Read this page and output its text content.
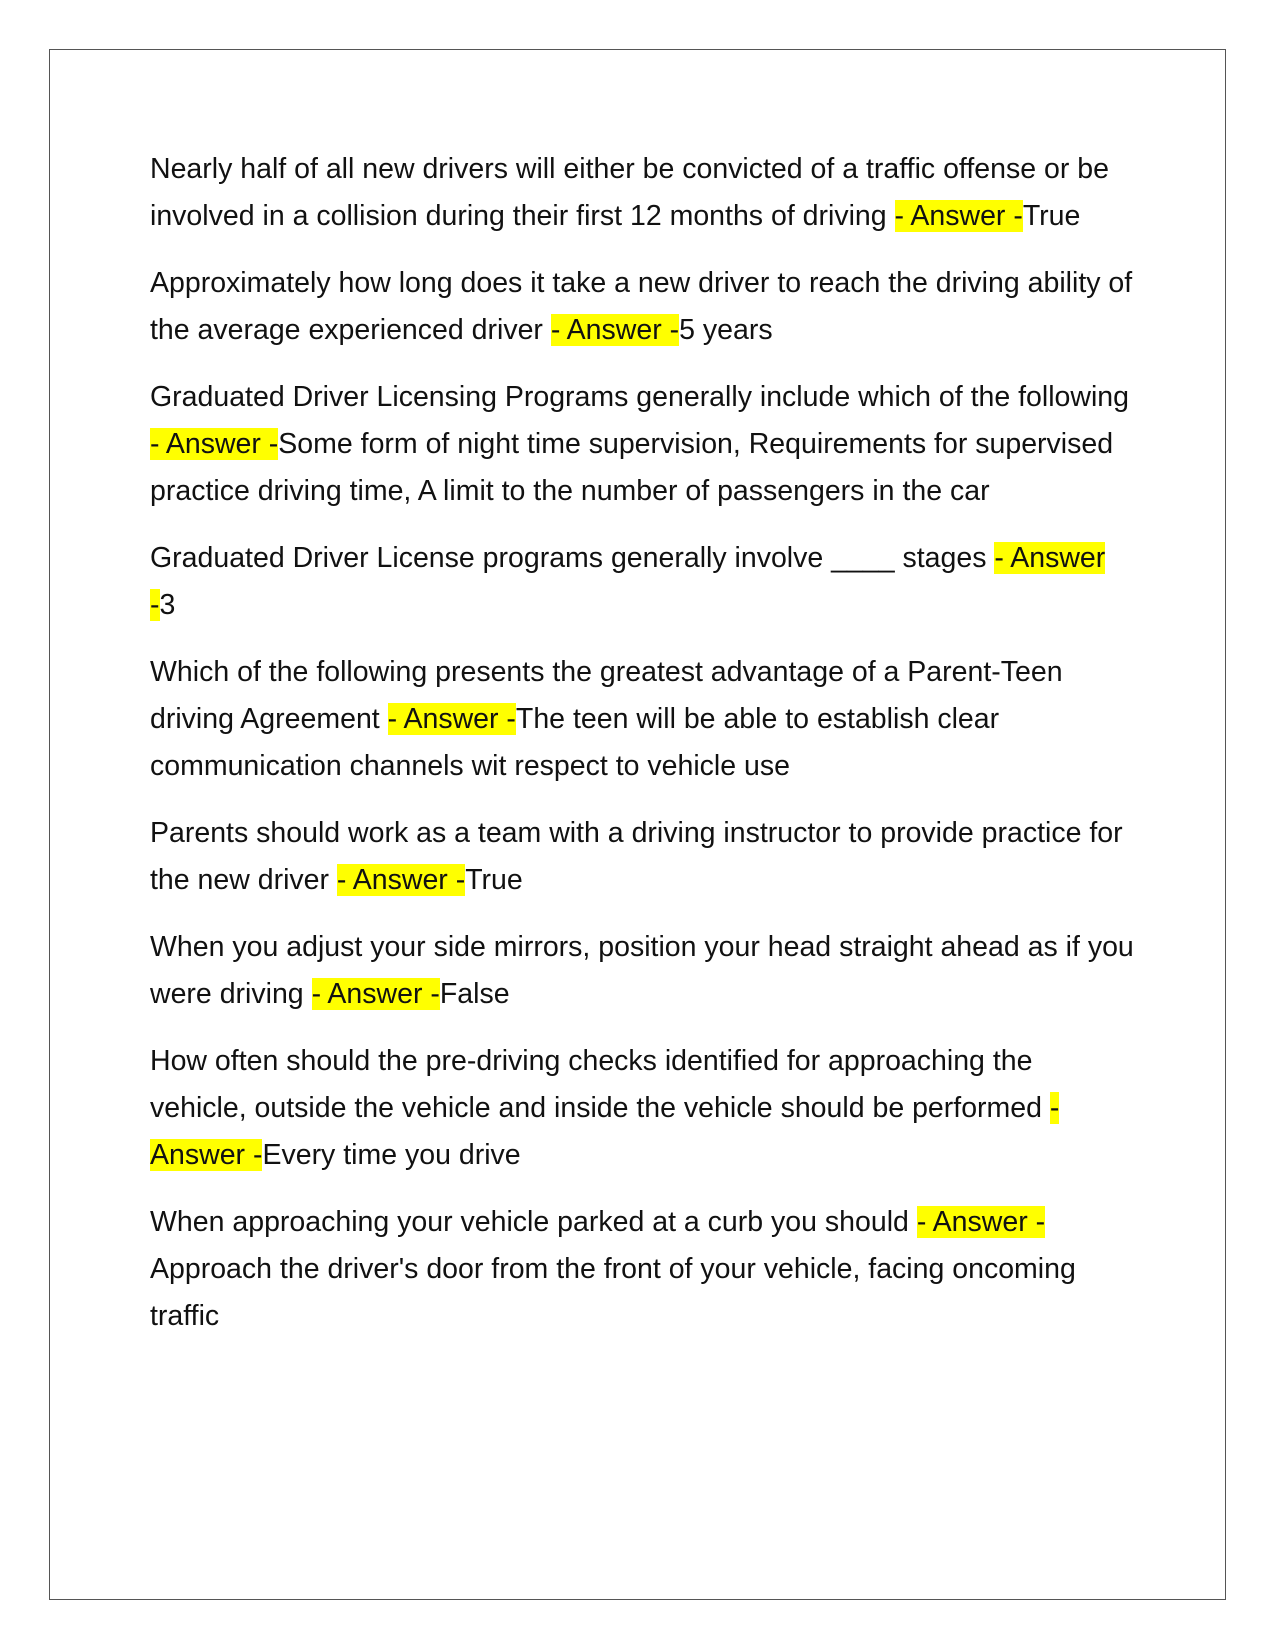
Nearly half of all new drivers will either be convicted of a traffic offense or be involved in a collision during their first 12 months of driving - Answer -True

Approximately how long does it take a new driver to reach the driving ability of the average experienced driver - Answer -5 years

Graduated Driver Licensing Programs generally include which of the following - Answer -Some form of night time supervision, Requirements for supervised practice driving time, A limit to the number of passengers in the car

Graduated Driver License programs generally involve ____ stages - Answer -3

Which of the following presents the greatest advantage of a Parent-Teen driving Agreement - Answer -The teen will be able to establish clear communication channels wit respect to vehicle use

Parents should work as a team with a driving instructor to provide practice for the new driver - Answer -True

When you adjust your side mirrors, position your head straight ahead as if you were driving - Answer -False

How often should the pre-driving checks identified for approaching the vehicle, outside the vehicle and inside the vehicle should be performed - Answer -Every time you drive

When approaching your vehicle parked at a curb you should - Answer -Approach the driver's door from the front of your vehicle, facing oncoming traffic
